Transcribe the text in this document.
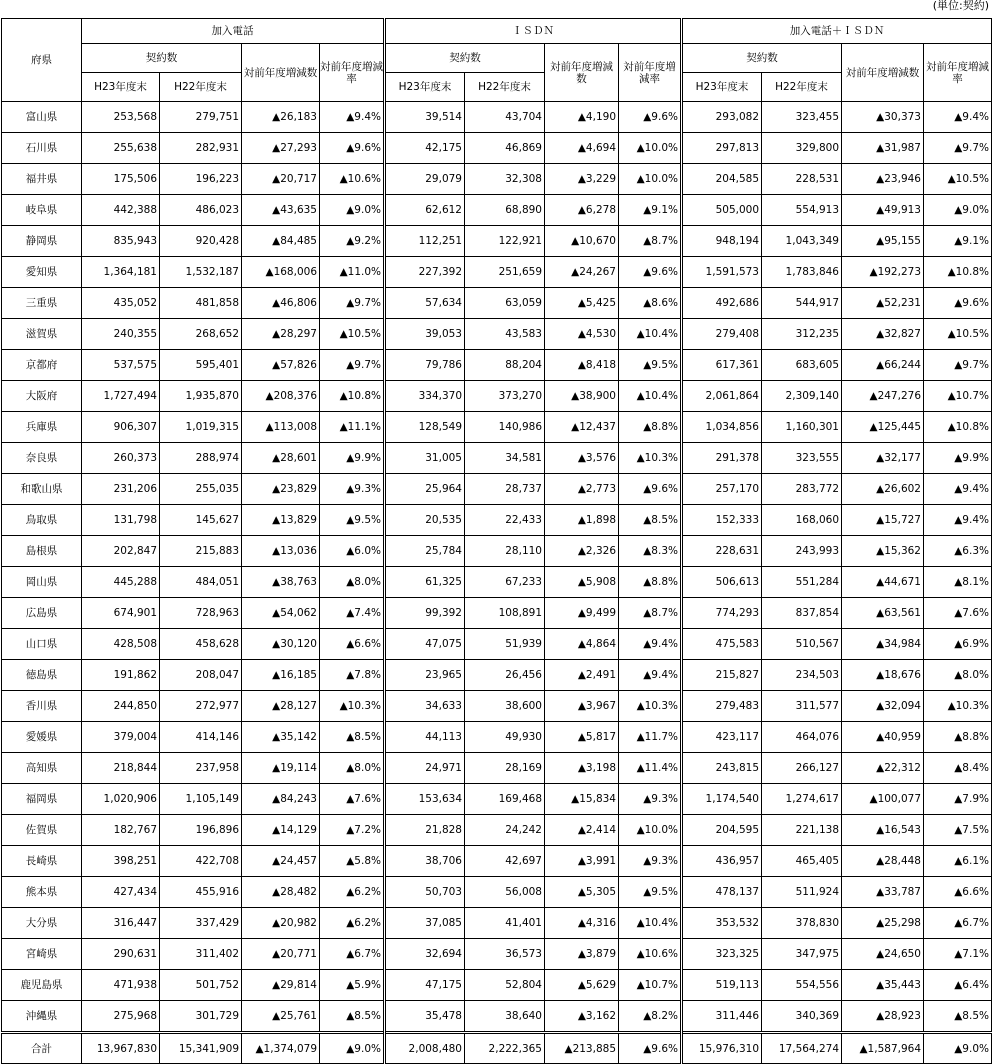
(単位:契約)
府県	加入電話				ＩＳＤＮ				加入電話＋ＩＳＤＮ			
	契約数		対前年度増減数	対前年度増減率	契約数		対前年度増減数	対前年度増減率	契約数		対前年度増減数	対前年度増減率
	H23年度末	H22年度末			H23年度末	H22年度末			H23年度末	H22年度末		
富山県	253,568	279,751	▲26,183	▲9.4%	39,514	43,704	▲4,190	▲9.6%	293,082	323,455	▲30,373	▲9.4%
石川県	255,638	282,931	▲27,293	▲9.6%	42,175	46,869	▲4,694	▲10.0%	297,813	329,800	▲31,987	▲9.7%
福井県	175,506	196,223	▲20,717	▲10.6%	29,079	32,308	▲3,229	▲10.0%	204,585	228,531	▲23,946	▲10.5%
岐阜県	442,388	486,023	▲43,635	▲9.0%	62,612	68,890	▲6,278	▲9.1%	505,000	554,913	▲49,913	▲9.0%
静岡県	835,943	920,428	▲84,485	▲9.2%	112,251	122,921	▲10,670	▲8.7%	948,194	1,043,349	▲95,155	▲9.1%
愛知県	1,364,181	1,532,187	▲168,006	▲11.0%	227,392	251,659	▲24,267	▲9.6%	1,591,573	1,783,846	▲192,273	▲10.8%
三重県	435,052	481,858	▲46,806	▲9.7%	57,634	63,059	▲5,425	▲8.6%	492,686	544,917	▲52,231	▲9.6%
滋賀県	240,355	268,652	▲28,297	▲10.5%	39,053	43,583	▲4,530	▲10.4%	279,408	312,235	▲32,827	▲10.5%
京都府	537,575	595,401	▲57,826	▲9.7%	79,786	88,204	▲8,418	▲9.5%	617,361	683,605	▲66,244	▲9.7%
大阪府	1,727,494	1,935,870	▲208,376	▲10.8%	334,370	373,270	▲38,900	▲10.4%	2,061,864	2,309,140	▲247,276	▲10.7%
兵庫県	906,307	1,019,315	▲113,008	▲11.1%	128,549	140,986	▲12,437	▲8.8%	1,034,856	1,160,301	▲125,445	▲10.8%
奈良県	260,373	288,974	▲28,601	▲9.9%	31,005	34,581	▲3,576	▲10.3%	291,378	323,555	▲32,177	▲9.9%
和歌山県	231,206	255,035	▲23,829	▲9.3%	25,964	28,737	▲2,773	▲9.6%	257,170	283,772	▲26,602	▲9.4%
鳥取県	131,798	145,627	▲13,829	▲9.5%	20,535	22,433	▲1,898	▲8.5%	152,333	168,060	▲15,727	▲9.4%
島根県	202,847	215,883	▲13,036	▲6.0%	25,784	28,110	▲2,326	▲8.3%	228,631	243,993	▲15,362	▲6.3%
岡山県	445,288	484,051	▲38,763	▲8.0%	61,325	67,233	▲5,908	▲8.8%	506,613	551,284	▲44,671	▲8.1%
広島県	674,901	728,963	▲54,062	▲7.4%	99,392	108,891	▲9,499	▲8.7%	774,293	837,854	▲63,561	▲7.6%
山口県	428,508	458,628	▲30,120	▲6.6%	47,075	51,939	▲4,864	▲9.4%	475,583	510,567	▲34,984	▲6.9%
徳島県	191,862	208,047	▲16,185	▲7.8%	23,965	26,456	▲2,491	▲9.4%	215,827	234,503	▲18,676	▲8.0%
香川県	244,850	272,977	▲28,127	▲10.3%	34,633	38,600	▲3,967	▲10.3%	279,483	311,577	▲32,094	▲10.3%
愛媛県	379,004	414,146	▲35,142	▲8.5%	44,113	49,930	▲5,817	▲11.7%	423,117	464,076	▲40,959	▲8.8%
高知県	218,844	237,958	▲19,114	▲8.0%	24,971	28,169	▲3,198	▲11.4%	243,815	266,127	▲22,312	▲8.4%
福岡県	1,020,906	1,105,149	▲84,243	▲7.6%	153,634	169,468	▲15,834	▲9.3%	1,174,540	1,274,617	▲100,077	▲7.9%
佐賀県	182,767	196,896	▲14,129	▲7.2%	21,828	24,242	▲2,414	▲10.0%	204,595	221,138	▲16,543	▲7.5%
長崎県	398,251	422,708	▲24,457	▲5.8%	38,706	42,697	▲3,991	▲9.3%	436,957	465,405	▲28,448	▲6.1%
熊本県	427,434	455,916	▲28,482	▲6.2%	50,703	56,008	▲5,305	▲9.5%	478,137	511,924	▲33,787	▲6.6%
大分県	316,447	337,429	▲20,982	▲6.2%	37,085	41,401	▲4,316	▲10.4%	353,532	378,830	▲25,298	▲6.7%
宮崎県	290,631	311,402	▲20,771	▲6.7%	32,694	36,573	▲3,879	▲10.6%	323,325	347,975	▲24,650	▲7.1%
鹿児島県	471,938	501,752	▲29,814	▲5.9%	47,175	52,804	▲5,629	▲10.7%	519,113	554,556	▲35,443	▲6.4%
沖縄県	275,968	301,729	▲25,761	▲8.5%	35,478	38,640	▲3,162	▲8.2%	311,446	340,369	▲28,923	▲8.5%
合計	13,967,830	15,341,909	▲1,374,079	▲9.0%	2,008,480	2,222,365	▲213,885	▲9.6%	15,976,310	17,564,274	▲1,587,964	▲9.0%
